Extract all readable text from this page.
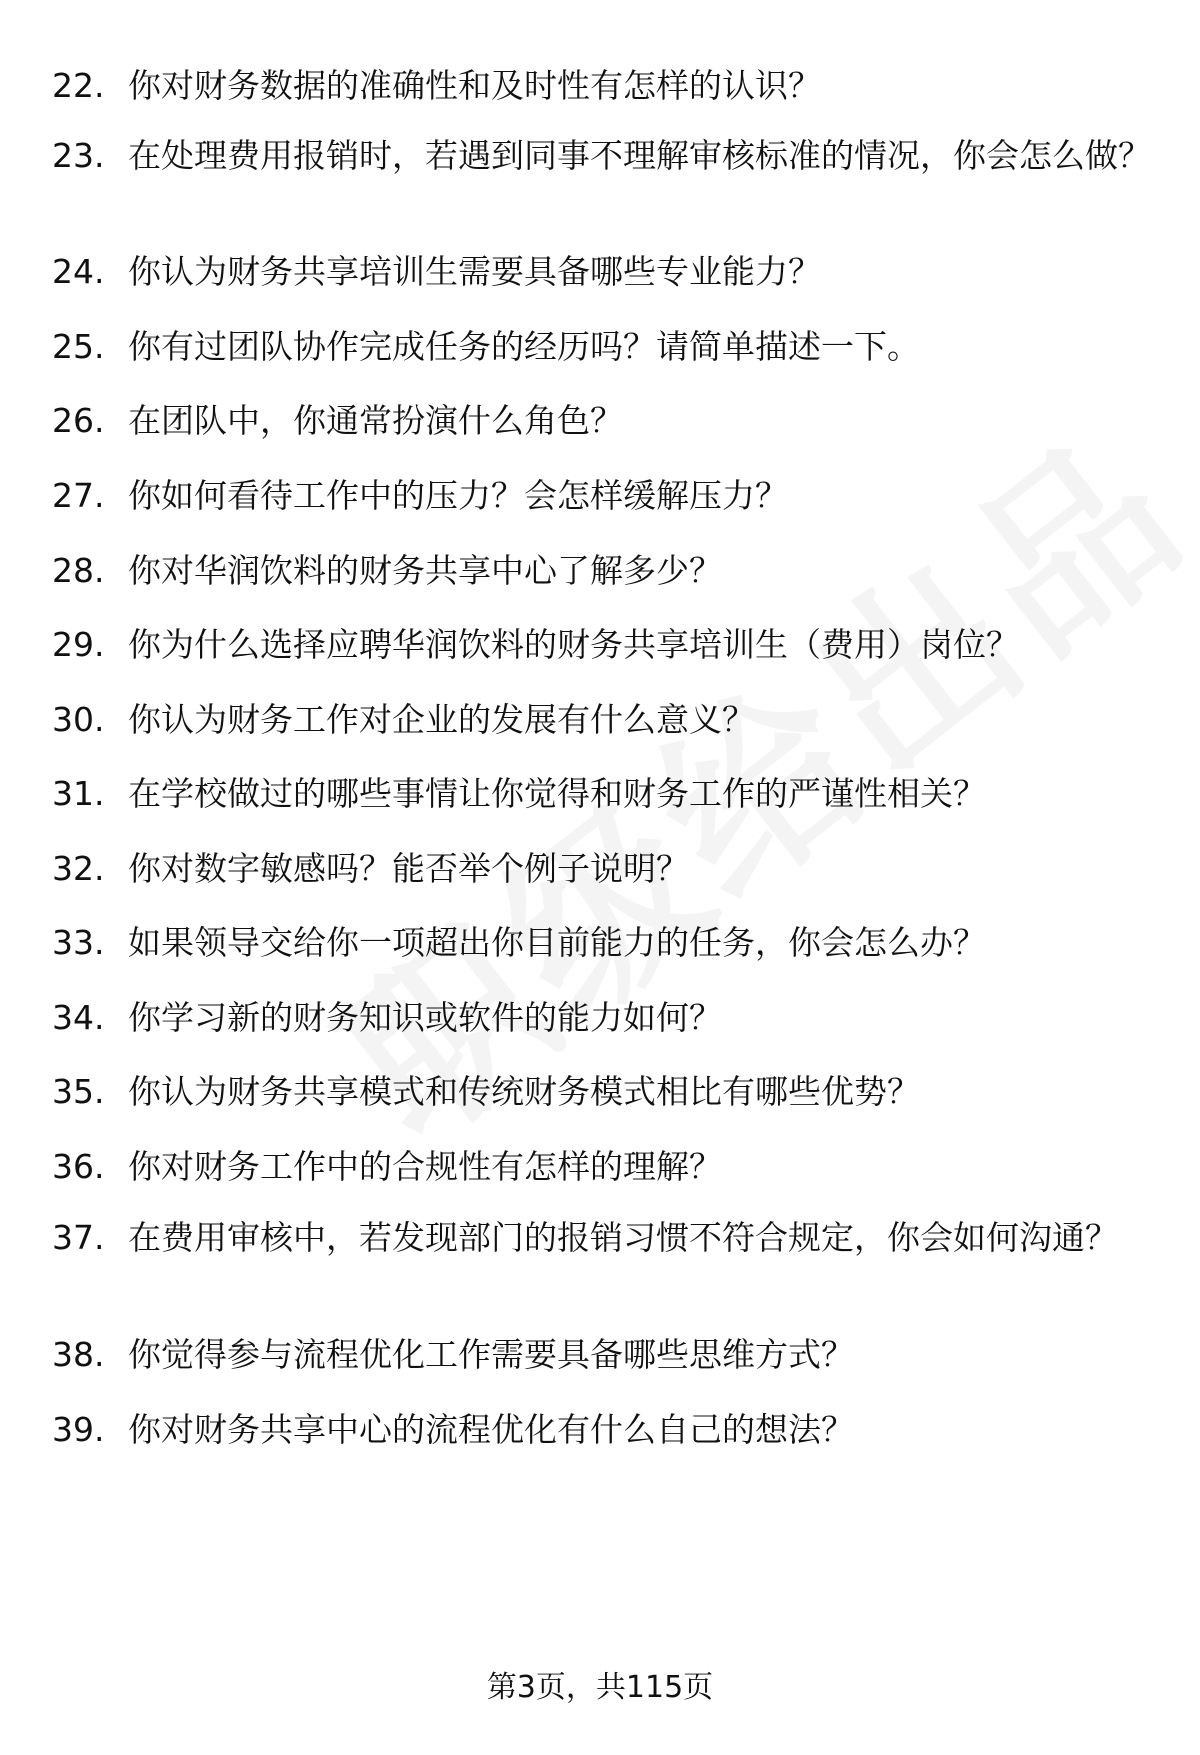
22. 你对财务数据的准确性和及时性有怎样的认识？
23. 在处理费用报销时，若遇到同事不理解审核标准的情况，你会怎么做？
24. 你认为财务共享培训生需要具备哪些专业能力？
25. 你有过团队协作完成任务的经历吗？请简单描述一下。
26. 在团队中，你通常扮演什么角色？
27. 你如何看待工作中的压力？会怎样缓解压力？
28. 你对华润饮料的财务共享中心了解多少？
29. 你为什么选择应聘华润饮料的财务共享培训生（费用）岗位？
30. 你认为财务工作对企业的发展有什么意义？
31. 在学校做过的哪些事情让你觉得和财务工作的严谨性相关？
32. 你对数字敏感吗？能否举个例子说明？
33. 如果领导交给你一项超出你目前能力的任务，你会怎么办？
34. 你学习新的财务知识或软件的能力如何？
35. 你认为财务共享模式和传统财务模式相比有哪些优势？
36. 你对财务工作中的合规性有怎样的理解？
37. 在费用审核中，若发现部门的报销习惯不符合规定，你会如何沟通？
38. 你觉得参与流程优化工作需要具备哪些思维方式？
39. 你对财务共享中心的流程优化有什么自己的想法？
第3页，共115页
